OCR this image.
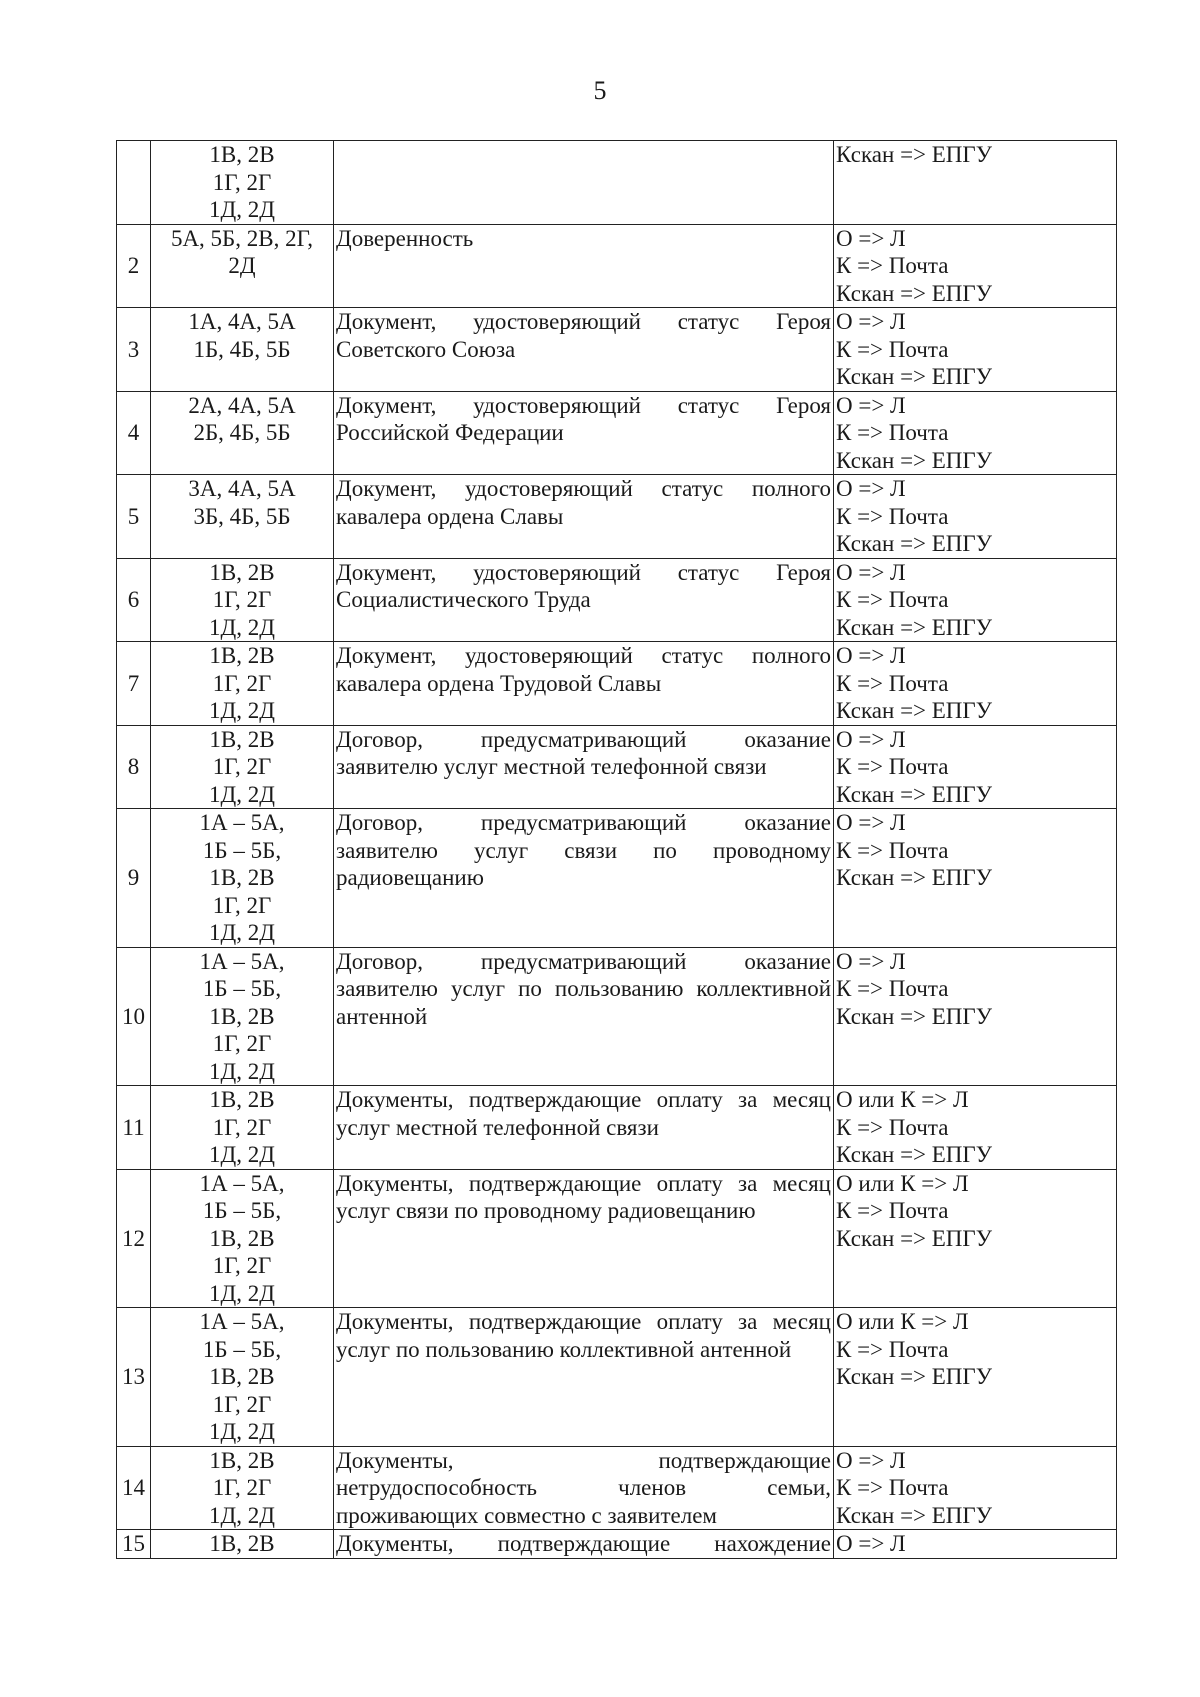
5

	1В, 2В
1Г, 2Г
1Д, 2Д		Кскан => ЕПГУ

2	5А, 5Б, 2В, 2Г,
2Д	Доверенность	О => Л
К => Почта
Кскан => ЕПГУ

3	1А, 4А, 5А
1Б, 4Б, 5Б	Документ, удостоверяющий статус Героя
Советского Союза	О => Л
К => Почта
Кскан => ЕПГУ

4	2А, 4А, 5А
2Б, 4Б, 5Б	Документ, удостоверяющий статус Героя
Российской Федерации	О => Л
К => Почта
Кскан => ЕПГУ

5	3А, 4А, 5А
3Б, 4Б, 5Б	Документ, удостоверяющий статус полного
кавалера ордена Славы	О => Л
К => Почта
Кскан => ЕПГУ

6	1В, 2В
1Г, 2Г
1Д, 2Д	Документ, удостоверяющий статус Героя
Социалистического Труда	О => Л
К => Почта
Кскан => ЕПГУ

7	1В, 2В
1Г, 2Г
1Д, 2Д	Документ, удостоверяющий статус полного
кавалера ордена Трудовой Славы	О => Л
К => Почта
Кскан => ЕПГУ

8	1В, 2В
1Г, 2Г
1Д, 2Д	Договор, предусматривающий оказание
заявителю услуг местной телефонной связи	О => Л
К => Почта
Кскан => ЕПГУ

9	1А – 5А,
1Б – 5Б,
1В, 2В
1Г, 2Г
1Д, 2Д	Договор, предусматривающий оказание
заявителю услуг связи по проводному
радиовещанию	О => Л
К => Почта
Кскан => ЕПГУ

10	1А – 5А,
1Б – 5Б,
1В, 2В
1Г, 2Г
1Д, 2Д	Договор, предусматривающий оказание
заявителю услуг по пользованию коллективной
антенной	О => Л
К => Почта
Кскан => ЕПГУ

11	1В, 2В
1Г, 2Г
1Д, 2Д	Документы, подтверждающие оплату за месяц
услуг местной телефонной связи	О или К => Л
К => Почта
Кскан => ЕПГУ

12	1А – 5А,
1Б – 5Б,
1В, 2В
1Г, 2Г
1Д, 2Д	Документы, подтверждающие оплату за месяц
услуг связи по проводному радиовещанию	О или К => Л
К => Почта
Кскан => ЕПГУ

13	1А – 5А,
1Б – 5Б,
1В, 2В
1Г, 2Г
1Д, 2Д	Документы, подтверждающие оплату за месяц
услуг по пользованию коллективной антенной	О или К => Л
К => Почта
Кскан => ЕПГУ

14	1В, 2В
1Г, 2Г
1Д, 2Д	Документы, подтверждающие
нетрудоспособность членов семьи,
проживающих совместно с заявителем	О => Л
К => Почта
Кскан => ЕПГУ

15	1В, 2В	Документы, подтверждающие нахождение	О => Л
